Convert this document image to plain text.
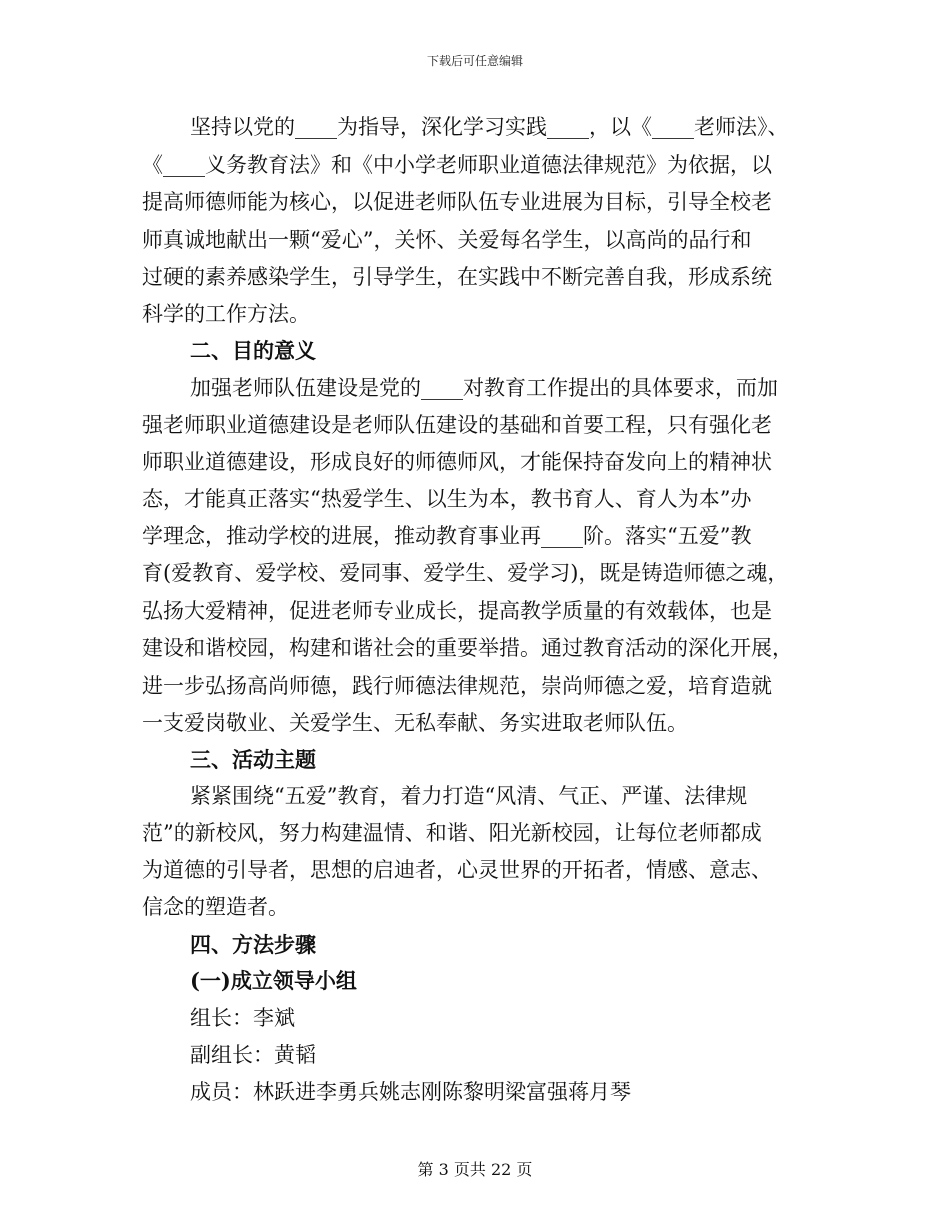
下载后可任意编辑
坚持以党的____为指导，深化学习实践____，以《____老师法》、
《____义务教育法》和《中小学老师职业道德法律规范》为依据，以
提高师德师能为核心，以促进老师队伍专业进展为目标，引导全校老
师真诚地献出一颗“爱心”，关怀、关爱每名学生，以高尚的品行和
过硬的素养感染学生，引导学生，在实践中不断完善自我，形成系统
科学的工作方法。
二、目的意义
加强老师队伍建设是党的____对教育工作提出的具体要求，而加
强老师职业道德建设是老师队伍建设的基础和首要工程，只有强化老
师职业道德建设，形成良好的师德师风，才能保持奋发向上的精神状
态，才能真正落实“热爱学生、以生为本，教书育人、育人为本”办
学理念，推动学校的进展，推动教育事业再____阶。落实“五爱”教
育(爱教育、爱学校、爱同事、爱学生、爱学习)，既是铸造师德之魂，
弘扬大爱精神，促进老师专业成长，提高教学质量的有效载体，也是
建设和谐校园，构建和谐社会的重要举措。通过教育活动的深化开展，
进一步弘扬高尚师德，践行师德法律规范，崇尚师德之爱，培育造就
一支爱岗敬业、关爱学生、无私奉献、务实进取老师队伍。
三、活动主题
紧紧围绕“五爱”教育，着力打造“风清、气正、严谨、法律规
范”的新校风，努力构建温情、和谐、阳光新校园，让每位老师都成
为道德的引导者，思想的启迪者，心灵世界的开拓者，情感、意志、
信念的塑造者。
四、方法步骤
(一)成立领导小组
组长：李斌
副组长：黄韬
成员：林跃进李勇兵姚志刚陈黎明梁富强蒋月琴
第 3 页共 22 页
